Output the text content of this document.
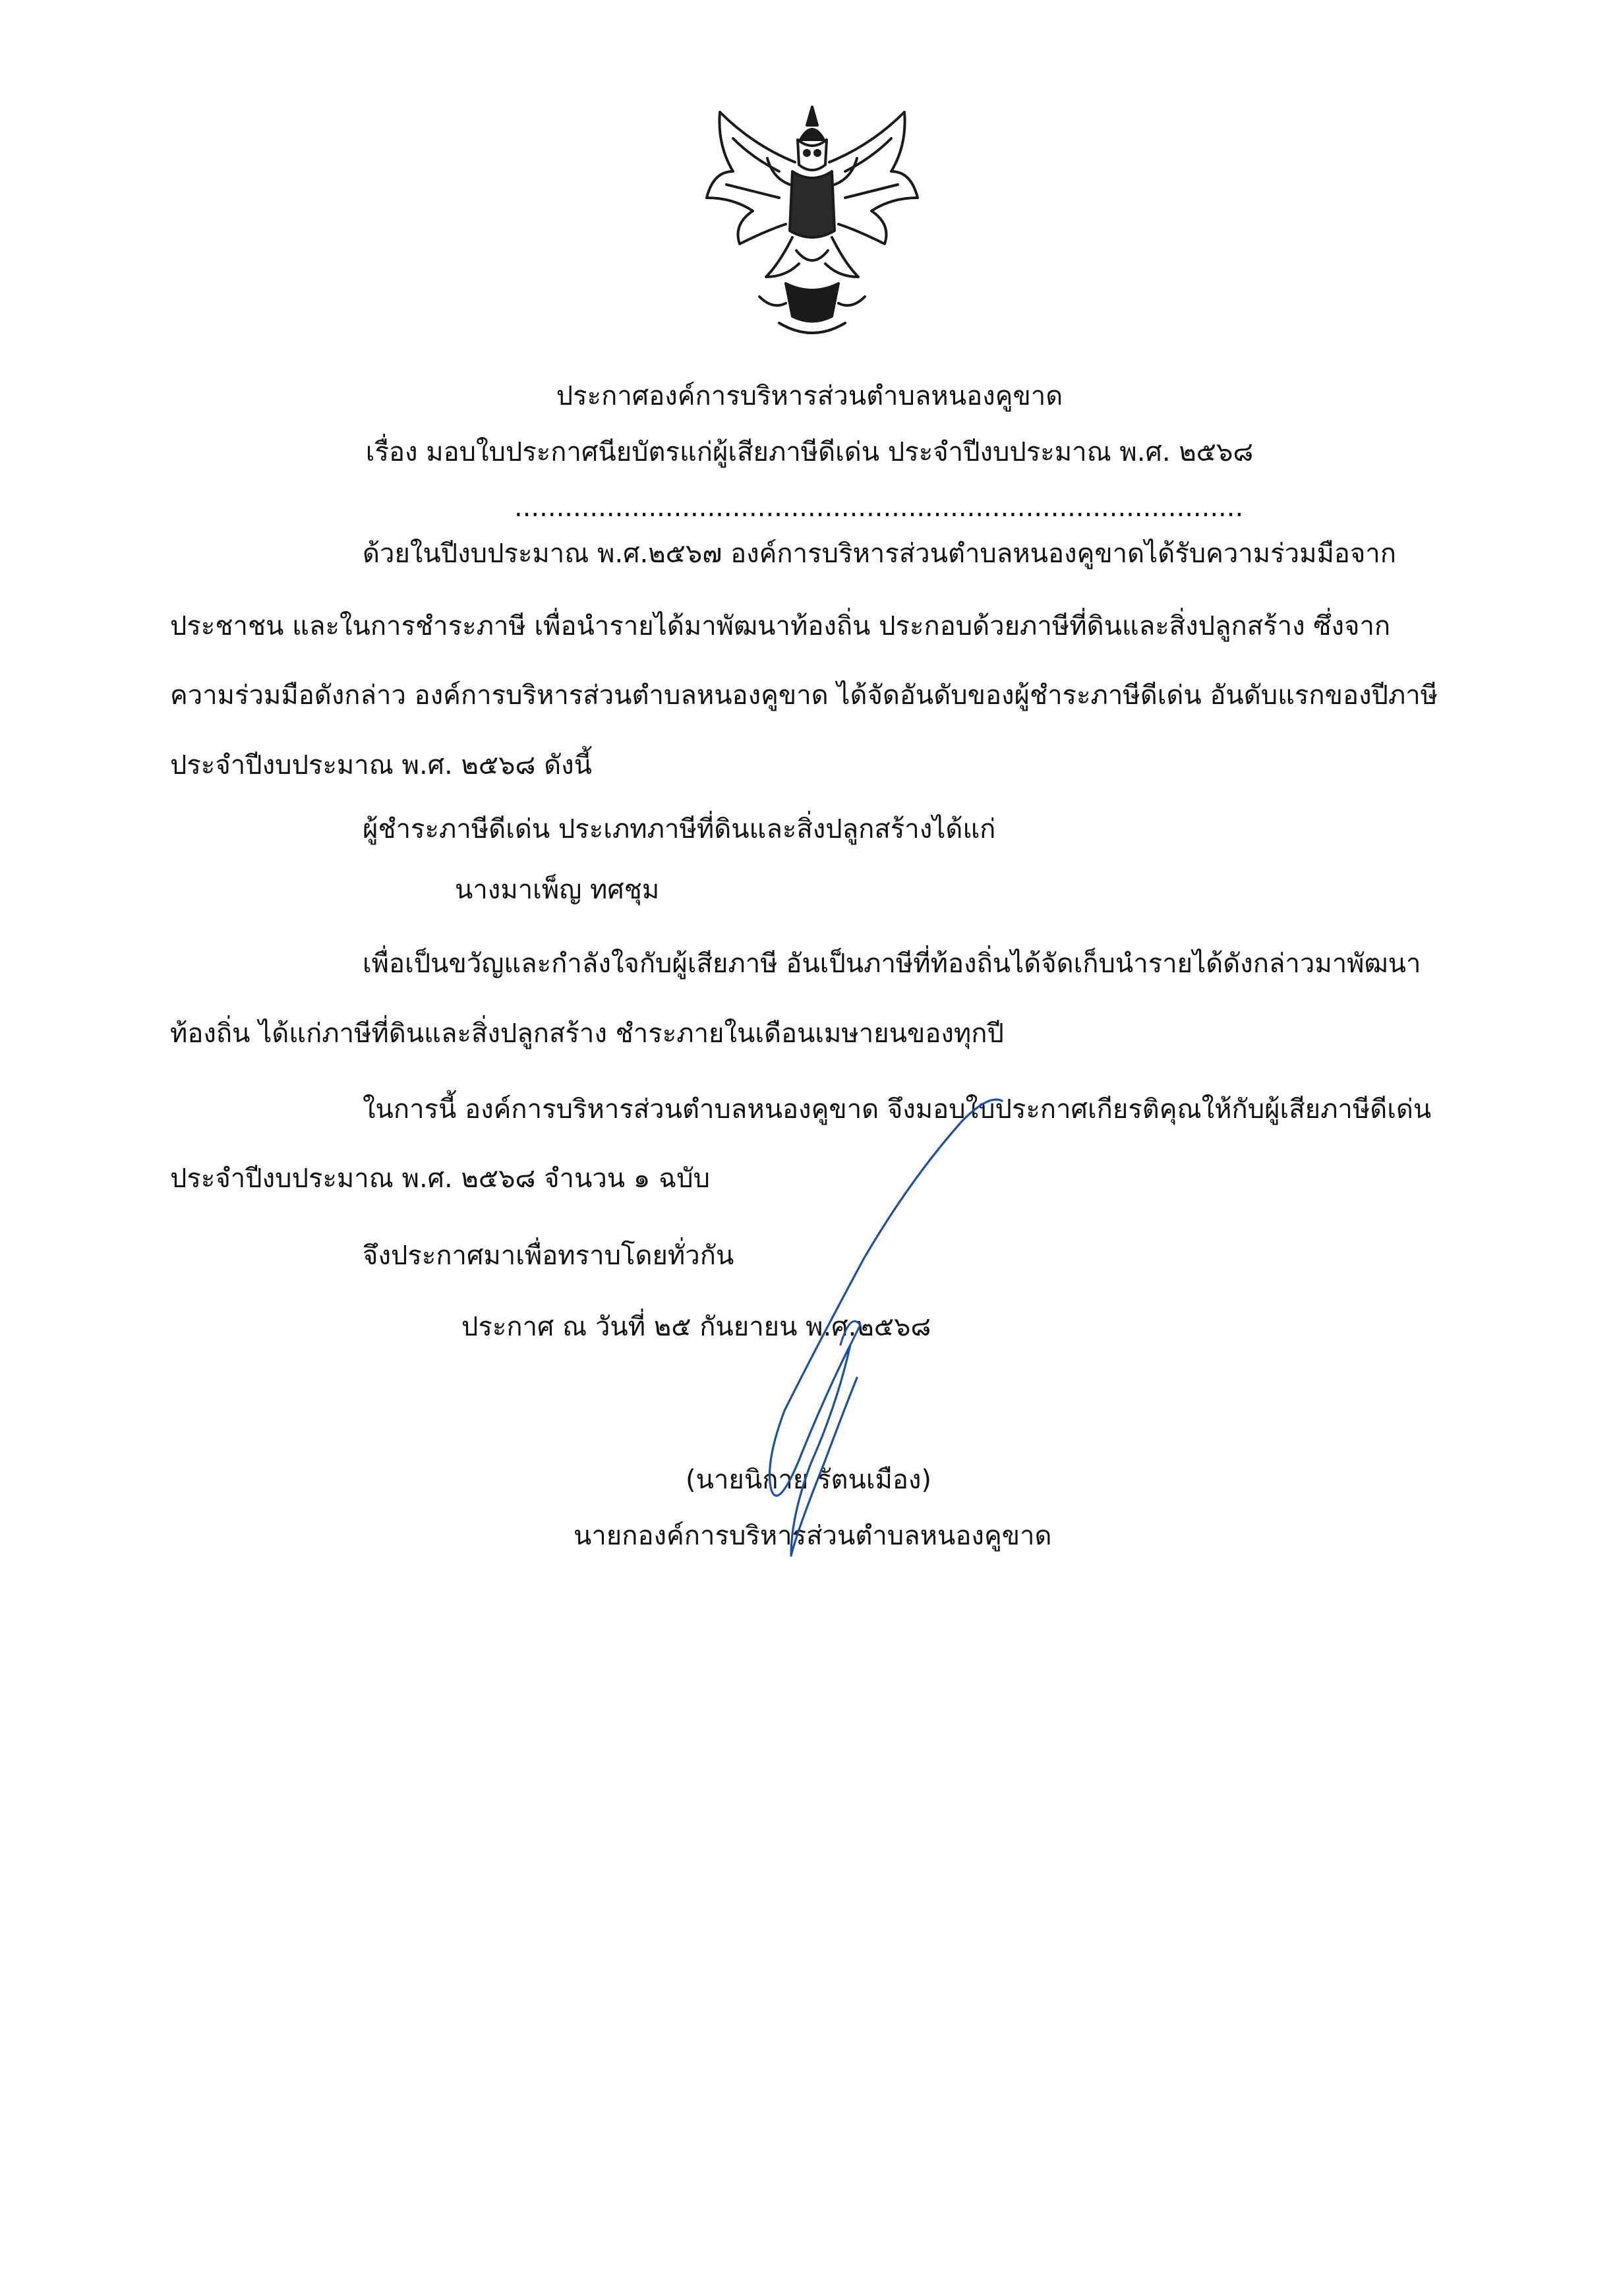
ประกาศองค์การบริหารส่วนตำบลหนองคูขาด
เรื่อง มอบใบประกาศนียบัตรแก่ผู้เสียภาษีดีเด่น ประจำปีงบประมาณ พ.ศ. ๒๕๖๘
.......................................................................................
ด้วยในปีงบประมาณ พ.ศ.๒๕๖๗ องค์การบริหารส่วนตำบลหนองคูขาดได้รับความร่วมมือจาก
ประชาชน และในการชำระภาษี เพื่อนำรายได้มาพัฒนาท้องถิ่น ประกอบด้วยภาษีที่ดินและสิ่งปลูกสร้าง ซึ่งจาก
ความร่วมมือดังกล่าว องค์การบริหารส่วนตำบลหนองคูขาด ได้จัดอันดับของผู้ชำระภาษีดีเด่น อันดับแรกของปีภาษี
ประจำปีงบประมาณ พ.ศ. ๒๕๖๘ ดังนี้
ผู้ชำระภาษีดีเด่น ประเภทภาษีที่ดินและสิ่งปลูกสร้างได้แก่
นางมาเพ็ญ ทศชุม
เพื่อเป็นขวัญและกำลังใจกับผู้เสียภาษี อันเป็นภาษีที่ท้องถิ่นได้จัดเก็บนำรายได้ดังกล่าวมาพัฒนา
ท้องถิ่น ได้แก่ภาษีที่ดินและสิ่งปลูกสร้าง ชำระภายในเดือนเมษายนของทุกปี
ในการนี้ องค์การบริหารส่วนตำบลหนองคูขาด จึงมอบใบประกาศเกียรติคุณให้กับผู้เสียภาษีดีเด่น
ประจำปีงบประมาณ พ.ศ. ๒๕๖๘ จำนวน ๑ ฉบับ
จึงประกาศมาเพื่อทราบโดยทั่วกัน
ประกาศ ณ วันที่ ๒๕ กันยายน พ.ศ.๒๕๖๘
(นายนิกาย รัตนเมือง)
นายกองค์การบริหารส่วนตำบลหนองคูขาด
